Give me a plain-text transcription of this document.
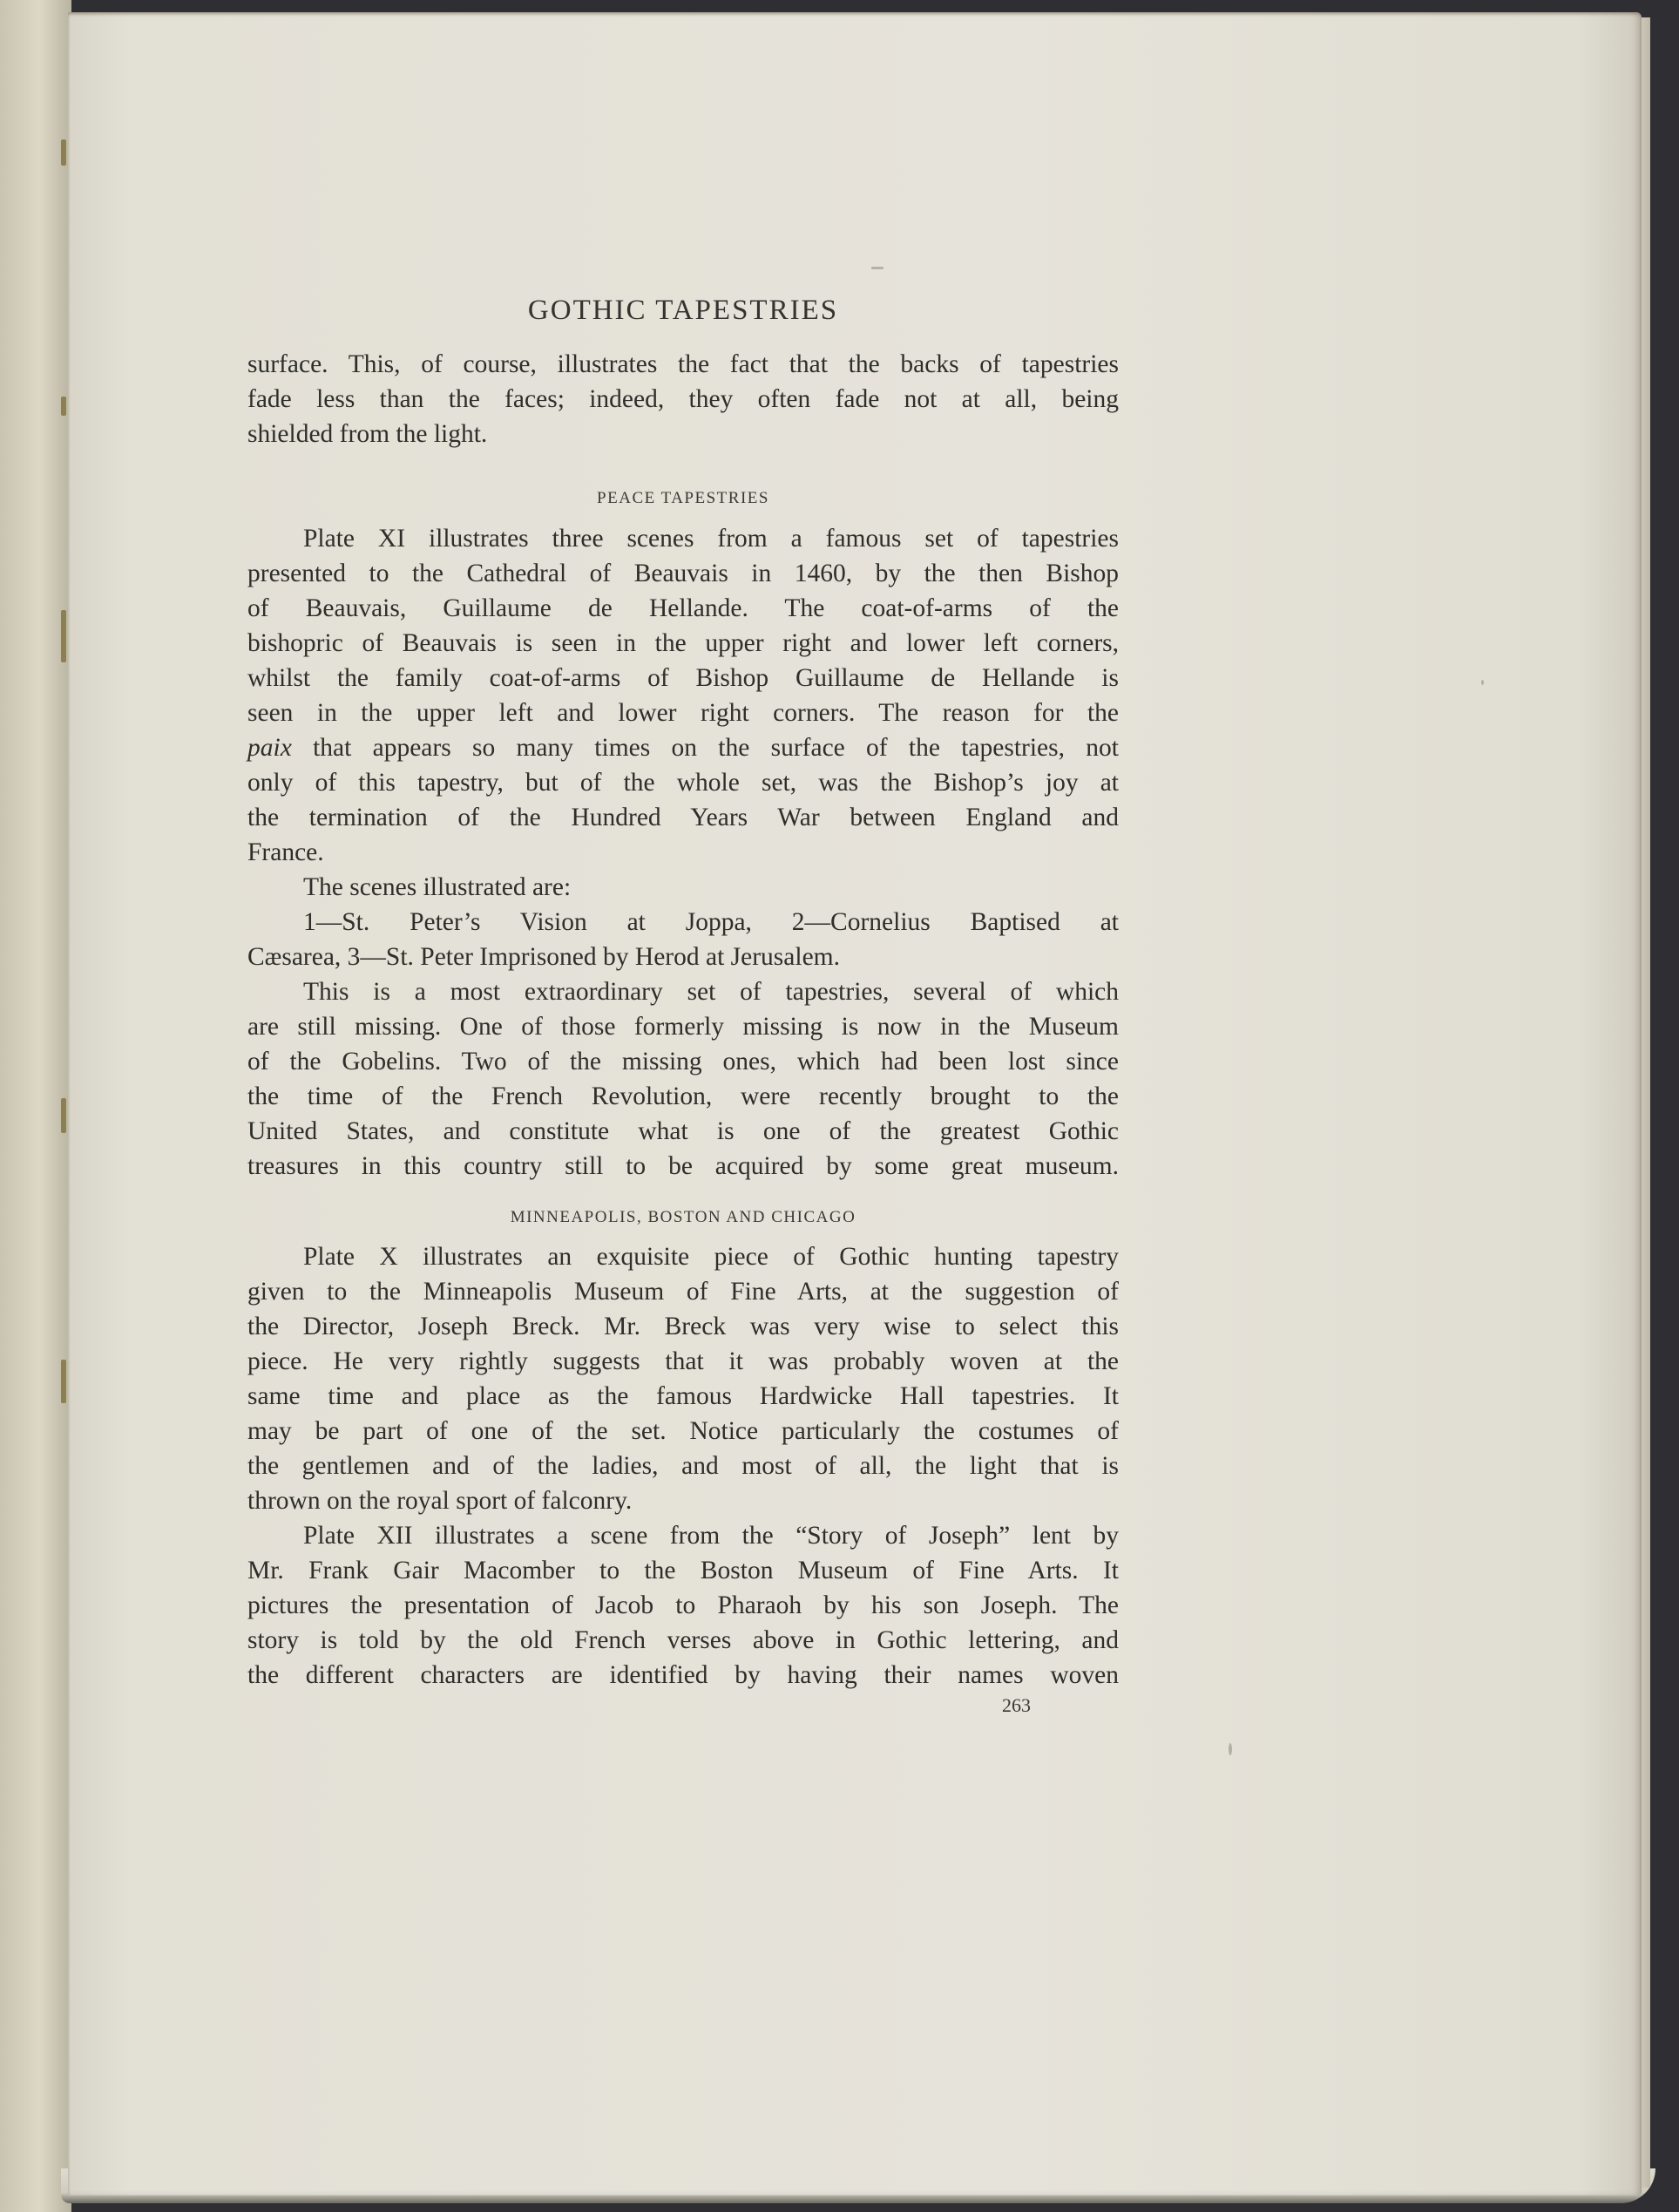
GOTHIC TAPESTRIES
surface. This, of course, illustrates the fact that the backs of tapestries
fade less than the faces; indeed, they often fade not at all, being
shielded from the light.
PEACE TAPESTRIES
Plate XI illustrates three scenes from a famous set of tapestries
presented to the Cathedral of Beauvais in 1460, by the then Bishop
of Beauvais, Guillaume de Hellande. The coat-of-arms of the
bishopric of Beauvais is seen in the upper right and lower left corners,
whilst the family coat-of-arms of Bishop Guillaume de Hellande is
seen in the upper left and lower right corners. The reason for the
paix that appears so many times on the surface of the tapestries, not
only of this tapestry, but of the whole set, was the Bishop’s joy at
the termination of the Hundred Years War between England and
France.
The scenes illustrated are:
1—St. Peter’s Vision at Joppa, 2—Cornelius Baptised at
Cæsarea, 3—St. Peter Imprisoned by Herod at Jerusalem.
This is a most extraordinary set of tapestries, several of which
are still missing. One of those formerly missing is now in the Museum
of the Gobelins. Two of the missing ones, which had been lost since
the time of the French Revolution, were recently brought to the
United States, and constitute what is one of the greatest Gothic
treasures in this country still to be acquired by some great museum.
MINNEAPOLIS, BOSTON AND CHICAGO
Plate X illustrates an exquisite piece of Gothic hunting tapestry
given to the Minneapolis Museum of Fine Arts, at the suggestion of
the Director, Joseph Breck. Mr. Breck was very wise to select this
piece. He very rightly suggests that it was probably woven at the
same time and place as the famous Hardwicke Hall tapestries. It
may be part of one of the set. Notice particularly the costumes of
the gentlemen and of the ladies, and most of all, the light that is
thrown on the royal sport of falconry.
Plate XII illustrates a scene from the “Story of Joseph” lent by
Mr. Frank Gair Macomber to the Boston Museum of Fine Arts. It
pictures the presentation of Jacob to Pharaoh by his son Joseph. The
story is told by the old French verses above in Gothic lettering, and
the different characters are identified by having their names woven
263
